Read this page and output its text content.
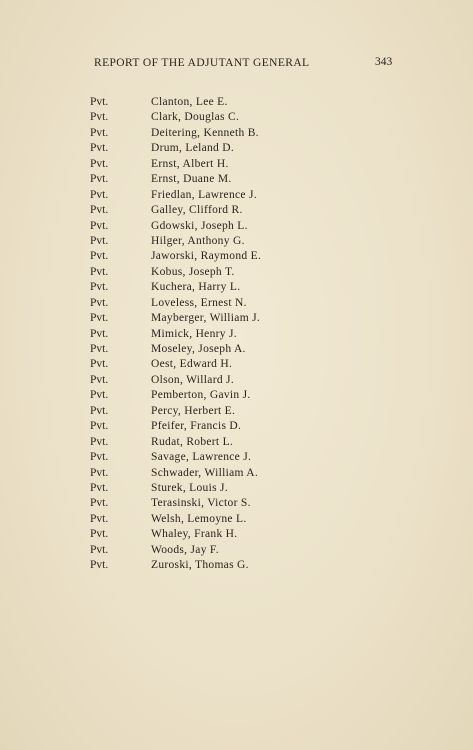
REPORT OF THE ADJUTANT GENERAL	343
Pvt.	Clanton, Lee E.
Pvt.	Clark, Douglas C.
Pvt.	Deitering, Kenneth B.
Pvt.	Drum, Leland D.
Pvt.	Ernst, Albert H.
Pvt.	Ernst, Duane M.
Pvt.	Friedlan, Lawrence J.
Pvt.	Galley, Clifford R.
Pvt.	Gdowski, Joseph L.
Pvt.	Hilger, Anthony G.
Pvt.	Jaworski, Raymond E.
Pvt.	Kobus, Joseph T.
Pvt.	Kuchera, Harry L.
Pvt.	Loveless, Ernest N.
Pvt.	Mayberger, William J.
Pvt.	Mimick, Henry J.
Pvt.	Moseley, Joseph A.
Pvt.	Oest, Edward H.
Pvt.	Olson, Willard J.
Pvt.	Pemberton, Gavin J.
Pvt.	Percy, Herbert E.
Pvt.	Pfeifer, Francis D.
Pvt.	Rudat, Robert L.
Pvt.	Savage, Lawrence J.
Pvt.	Schwader, William A.
Pvt.	Sturek, Louis J.
Pvt.	Terasinski, Victor S.
Pvt.	Welsh, Lemoyne L.
Pvt.	Whaley, Frank H.
Pvt.	Woods, Jay F.
Pvt.	Zuroski, Thomas G.
